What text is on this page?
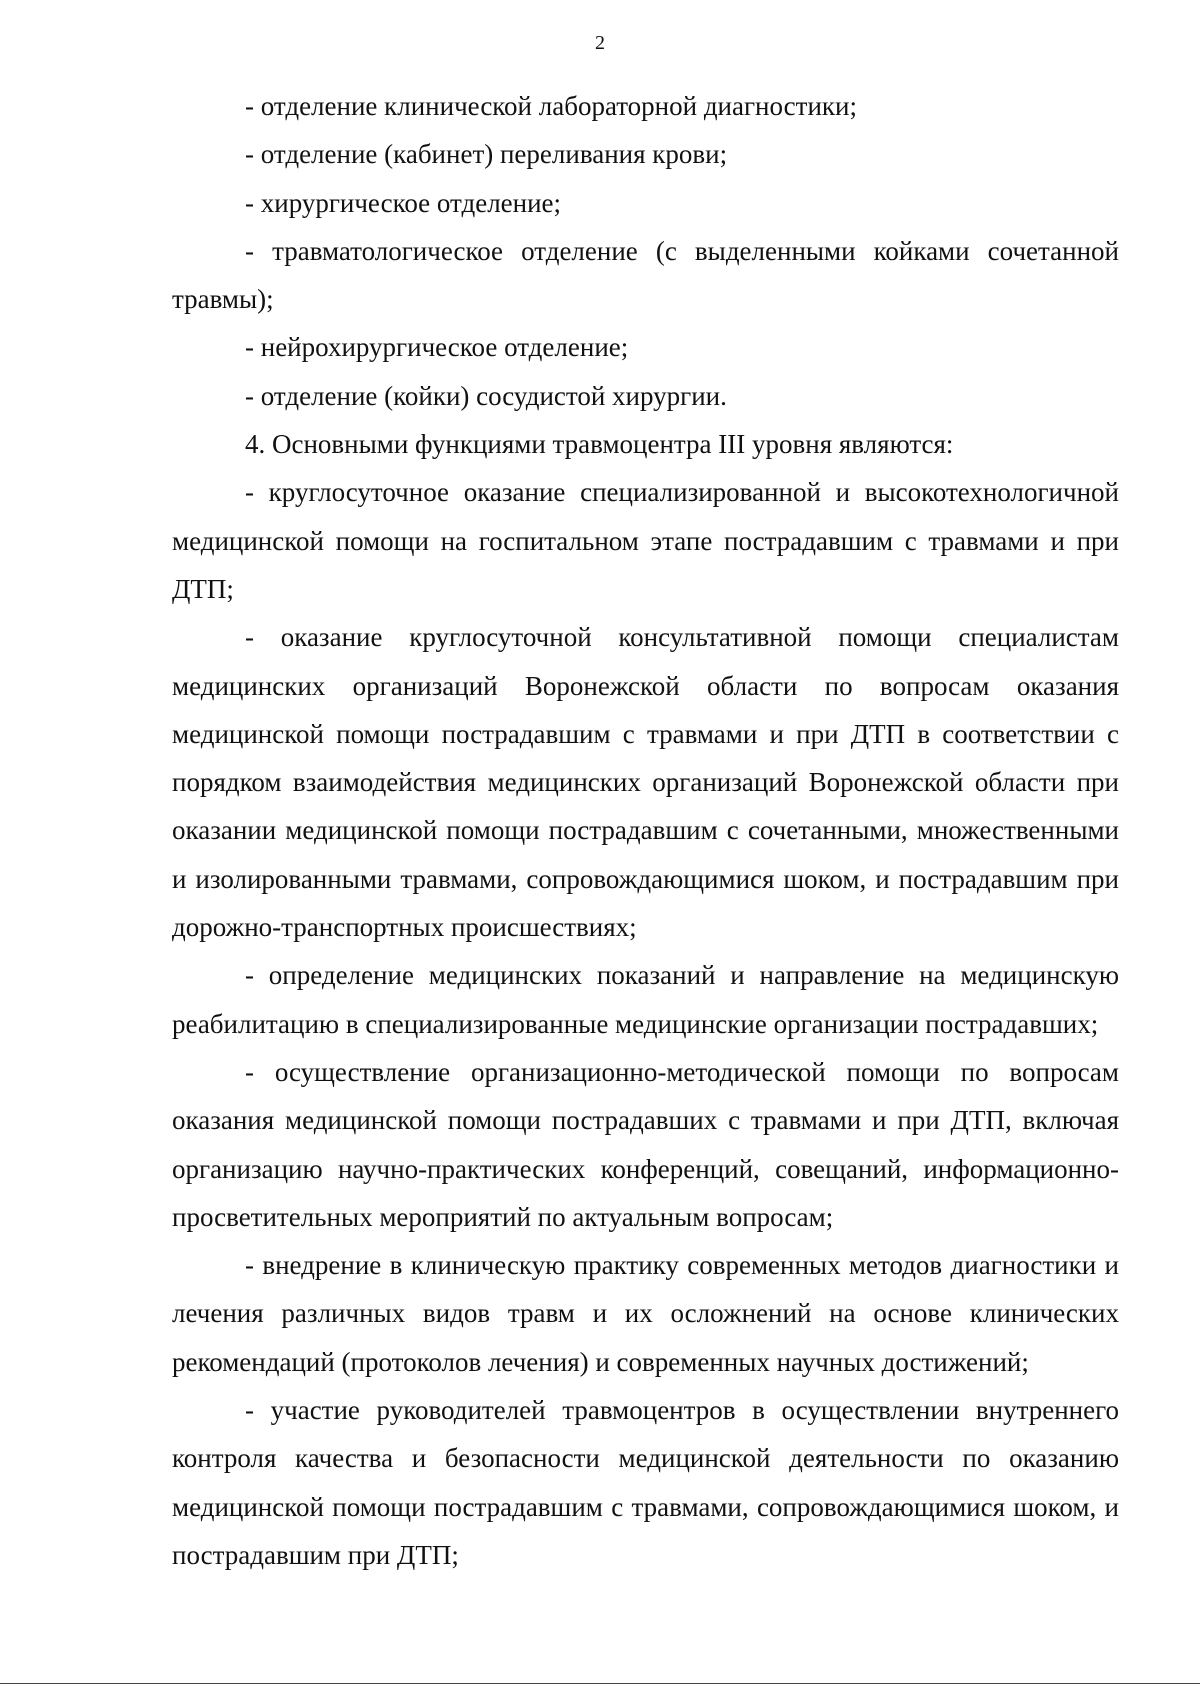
2

- отделение клинической лабораторной диагностики;

- отделение (кабинет) переливания крови;

- хирургическое отделение;

- травматологическое отделение (с выделенными койками сочетанной травмы);

- нейрохирургическое отделение;

- отделение (койки) сосудистой хирургии.

4. Основными функциями травмоцентра III уровня являются:

- круглосуточное оказание специализированной и высокотехнологичной медицинской помощи на госпитальном этапе пострадавшим с травмами и при ДТП;

- оказание круглосуточной консультативной помощи специалистам медицинских организаций Воронежской области по вопросам оказания медицинской помощи пострадавшим с травмами и при ДТП в соответствии с порядком взаимодействия медицинских организаций Воронежской области при оказании медицинской помощи пострадавшим с сочетанными, множественными и изолированными травмами, сопровождающимися шоком, и пострадавшим при дорожно-транспортных происшествиях;

- определение медицинских показаний и направление на медицинскую реабилитацию в специализированные медицинские организации пострадавших;

- осуществление организационно-методической помощи по вопросам оказания медицинской помощи пострадавших с травмами и при ДТП, включая организацию научно-практических конференций, совещаний, информационно-просветительных мероприятий по актуальным вопросам;

- внедрение в клиническую практику современных методов диагностики и лечения различных видов травм и их осложнений на основе клинических рекомендаций (протоколов лечения) и современных научных достижений;

- участие руководителей травмоцентров в осуществлении внутреннего контроля качества и безопасности медицинской деятельности по оказанию медицинской помощи пострадавшим с травмами, сопровождающимися шоком, и пострадавшим при ДТП;
